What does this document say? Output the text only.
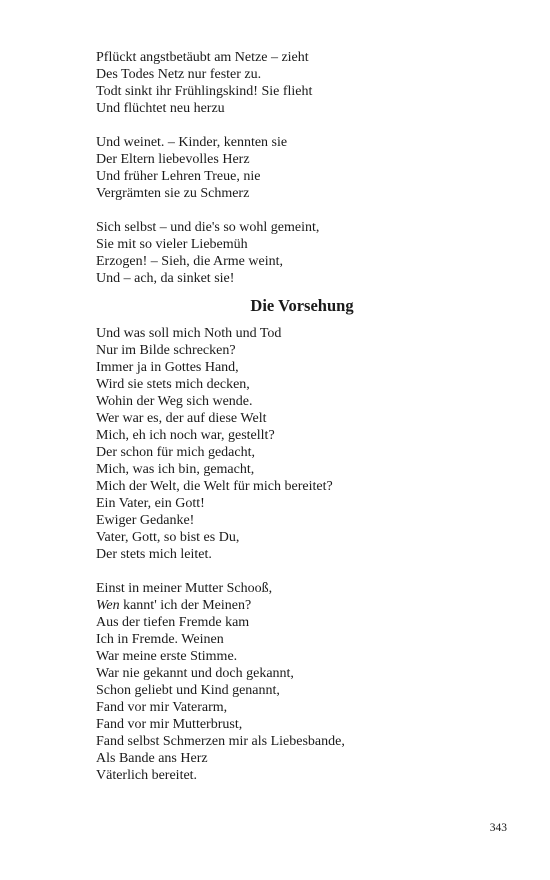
Pflückt angstbetäubt am Netze – zieht
Des Todes Netz nur fester zu.
Todt sinkt ihr Frühlingskind! Sie flieht
Und flüchtet neu herzu
Und weinet. – Kinder, kennten sie
Der Eltern liebevolles Herz
Und früher Lehren Treue, nie
Vergrämten sie zu Schmerz
Sich selbst – und die's so wohl gemeint,
Sie mit so vieler Liebemüh
Erzogen! – Sieh, die Arme weint,
Und – ach, da sinket sie!
Die Vorsehung
Und was soll mich Noth und Tod
Nur im Bilde schrecken?
Immer ja in Gottes Hand,
Wird sie stets mich decken,
Wohin der Weg sich wende.
Wer war es, der auf diese Welt
Mich, eh ich noch war, gestellt?
Der schon für mich gedacht,
Mich, was ich bin, gemacht,
Mich der Welt, die Welt für mich bereitet?
Ein Vater, ein Gott!
Ewiger Gedanke!
Vater, Gott, so bist es Du,
Der stets mich leitet.
Einst in meiner Mutter Schooß,
Wen kannt' ich der Meinen?
Aus der tiefen Fremde kam
Ich in Fremde. Weinen
War meine erste Stimme.
War nie gekannt und doch gekannt,
Schon geliebt und Kind genannt,
Fand vor mir Vaterarm,
Fand vor mir Mutterbrust,
Fand selbst Schmerzen mir als Liebesbande,
Als Bande ans Herz
Väterlich bereitet.
343
